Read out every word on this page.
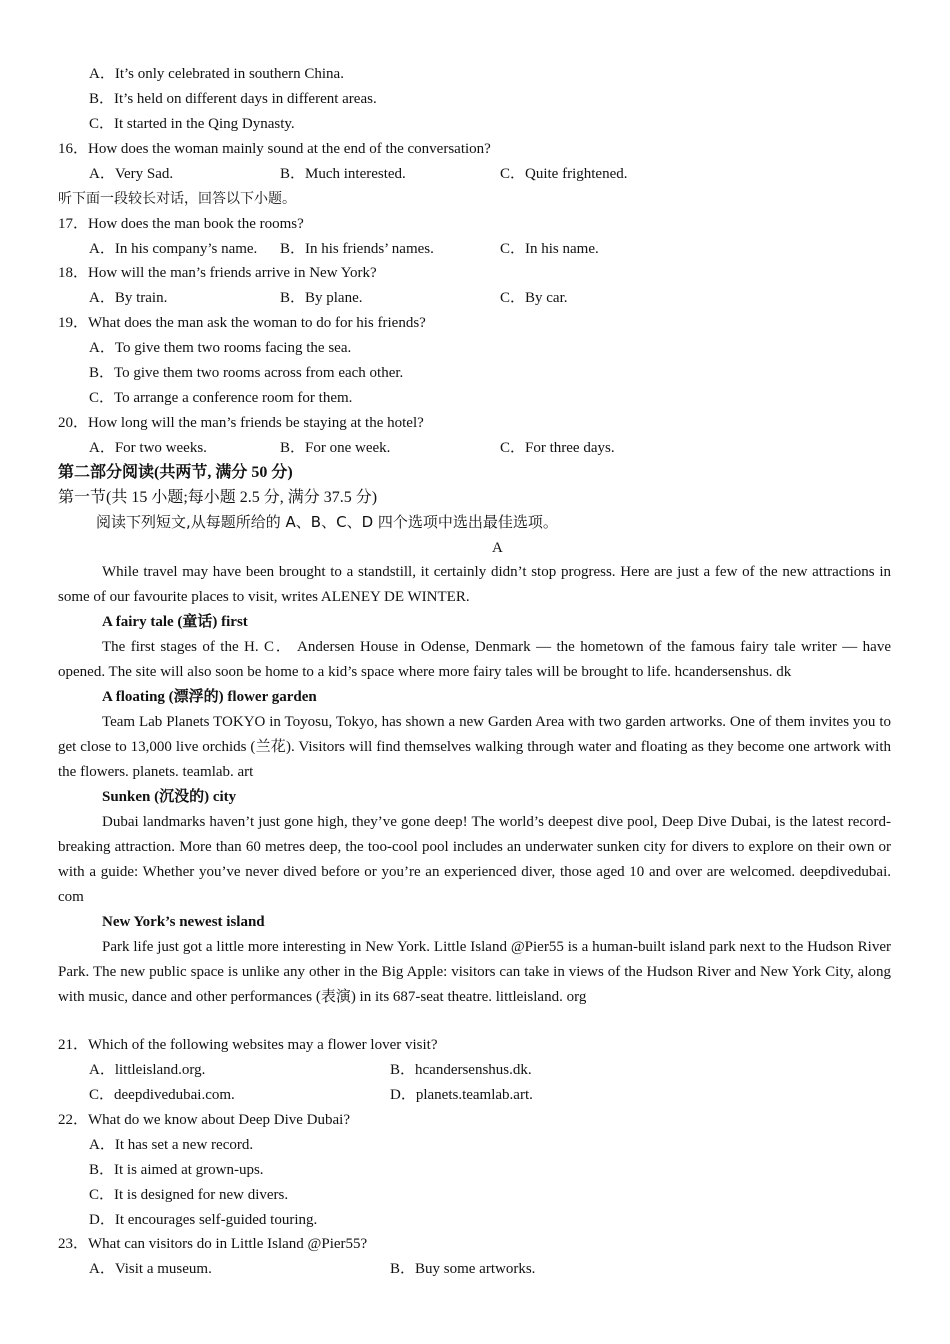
A．It’s only celebrated in southern China.
B．It’s held on different days in different areas.
C．It started in the Qing Dynasty.
16．How does the woman mainly sound at the end of the conversation?
A．Very Sad.	B．Much interested.	C．Quite frightened.
听下面一段较长对话，回答以下小题。
17．How does the man book the rooms?
A．In his company’s name. B．In his friends’ names.	C．In his name.
18．How will the man’s friends arrive in New York?
A．By train.	B．By plane.	C．By car.
19．What does the man ask the woman to do for his friends?
A．To give them two rooms facing the sea.
B．To give them two rooms across from each other.
C．To arrange a conference room for them.
20．How long will the man’s friends be staying at the hotel?
A．For two weeks.	B．For one week.	C．For three days.
第二部分阅读(共两节, 满分 50 分)
第一节(共 15 小题;每小题 2.5 分, 满分 37.5 分)
阅读下列短文,从每题所给的 A、B、C、D 四个选项中选出最佳选项。
A

While travel may have been brought to a standstill, it certainly didn’t stop progress. Here are just a few of the new attractions in some of our favourite places to visit, writes ALENEY DE WINTER.

A fairy tale (童话) first

The first stages of the H. C． Andersen House in Odense, Denmark — the hometown of the famous fairy tale writer — have opened. The site will also soon be home to a kid’s space where more fairy tales will be brought to life. hcandersenshus. dk

A floating (漂浮的) flower garden

Team Lab Planets TOKYO in Toyosu, Tokyo, has shown a new Garden Area with two garden artworks. One of them invites you to get close to 13,000 live orchids (兰花). Visitors will find themselves walking through water and floating as they become one artwork with the flowers. planets. teamlab. art

Sunken (沉没的) city

Dubai landmarks haven’t just gone high, they’ve gone deep! The world’s deepest dive pool, Deep Dive Dubai, is the latest record-breaking attraction. More than 60 metres deep, the too-cool pool includes an underwater sunken city for divers to explore on their own or with a guide: Whether you’ve never dived before or you’re an experienced diver, those aged 10 and over are welcomed. deepdivedubai. com

New York’s newest island

Park life just got a little more interesting in New York. Little Island @Pier55 is a human-built island park next to the Hudson River Park. The new public space is unlike any other in the Big Apple: visitors can take in views of the Hudson River and New York City, along with music, dance and other performances (表演) in its 687-seat theatre. littleisland. org

21．Which of the following websites may a flower lover visit?
A．littleisland.org.	B．hcandersenshus.dk.
C．deepdivedubai.com.	D．planets.teamlab.art.
22．What do we know about Deep Dive Dubai?
A．It has set a new record.
B．It is aimed at grown-ups.
C．It is designed for new divers.
D．It encourages self-guided touring.
23．What can visitors do in Little Island @Pier55?
A．Visit a museum.	B．Buy some artworks.
